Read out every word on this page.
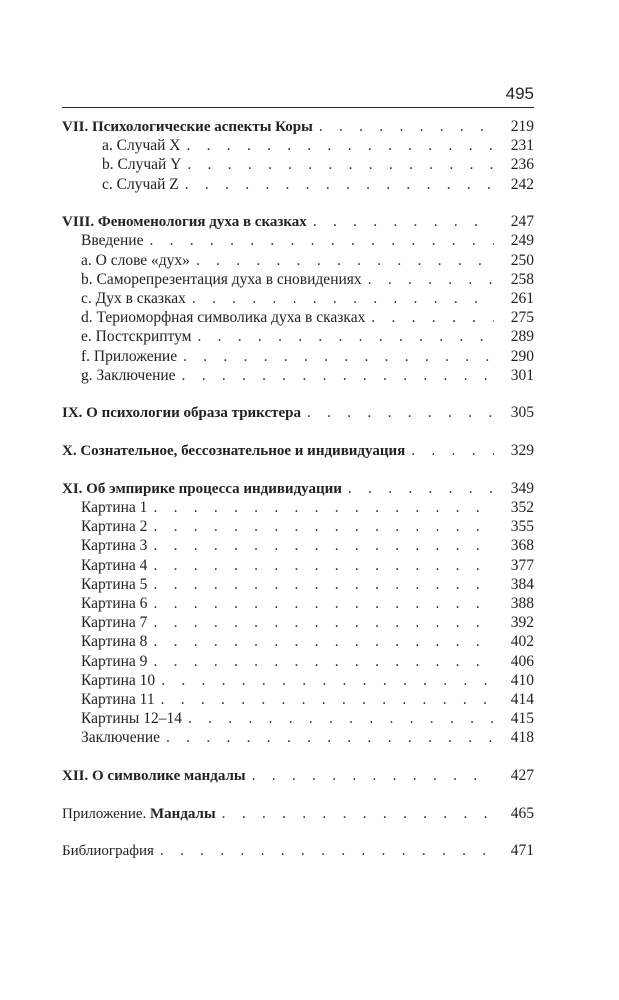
495
VII. Психологические аспекты Коры . . .	219
a. Случай X . . .	231
b. Случай Y . . .	236
c. Случай Z . . .	242
VIII. Феноменология духа в сказках . . .	247
Введение . . .	249
a. О слове «дух» . . .	250
b. Саморепрезентация духа в сновидениях . . .	258
c. Дух в сказках . . .	261
d. Териоморфная символика духа в сказках . . .	275
e. Постскриптум . . .	289
f. Приложение . . .	290
g. Заключение . . .	301
IX. О психологии образа трикстера . . .	305
X. Сознательное, бессознательное и индивидуация . . .	329
XI. Об эмпирике процесса индивидуации . . .	349
Картина 1 . . .	352
Картина 2 . . .	355
Картина 3 . . .	368
Картина 4 . . .	377
Картина 5 . . .	384
Картина 6 . . .	388
Картина 7 . . .	392
Картина 8 . . .	402
Картина 9 . . .	406
Картина 10 . . .	410
Картина 11 . . .	414
Картины 12–14 . . .	415
Заключение . . .	418
XII. О символике мандалы . . .	427
Приложение. Мандалы . . .	465
Библиография . . .	471
